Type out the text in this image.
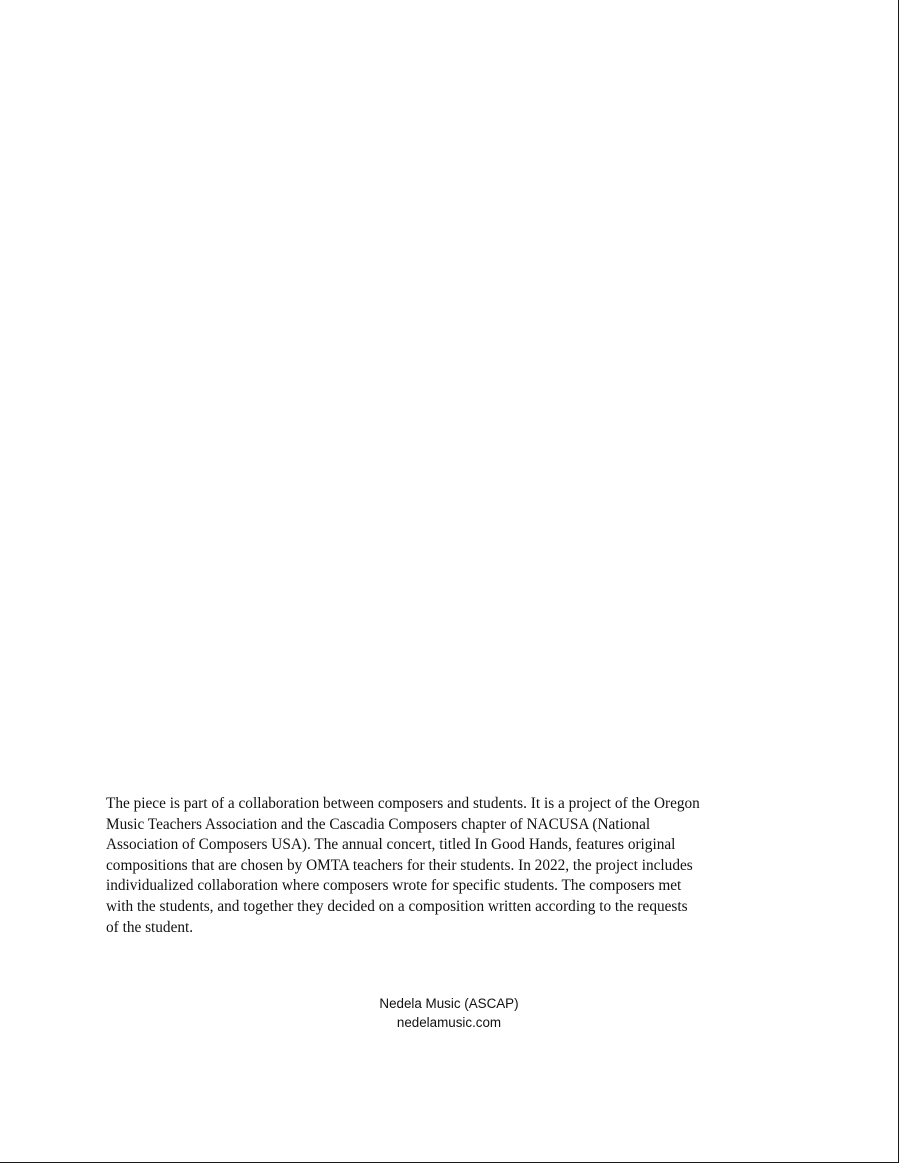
The piece is part of a collaboration between composers and students. It is a project of the Oregon
Music Teachers Association and the Cascadia Composers chapter of NACUSA (National
Association of Composers USA). The annual concert, titled In Good Hands, features original
compositions that are chosen by OMTA teachers for their students. In 2022, the project includes
individualized collaboration where composers wrote for specific students. The composers met
with the students, and together they decided on a composition written according to the requests
of the student.

Nedela Music (ASCAP)
nedelamusic.com
